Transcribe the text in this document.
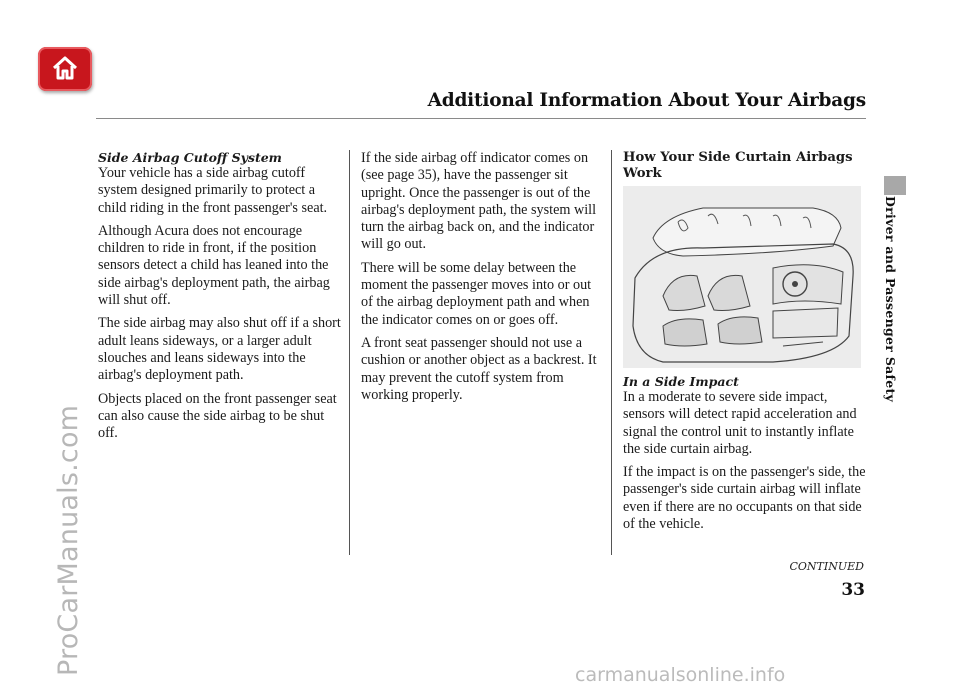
Additional Information About Your Airbags
Driver and Passenger Safety
Side Airbag Cutoff System

Your vehicle has a side airbag cutoff system designed primarily to protect a child riding in the front passenger's seat.

Although Acura does not encourage children to ride in front, if the position sensors detect a child has leaned into the side airbag's deployment path, the airbag will shut off.

The side airbag may also shut off if a short adult leans sideways, or a larger adult slouches and leans sideways into the airbag's deployment path.

Objects placed on the front passenger seat can also cause the side airbag to be shut off.

If the side airbag off indicator comes on (see page 35), have the passenger sit upright. Once the passenger is out of the airbag's deployment path, the system will turn the airbag back on, and the indicator will go out.

There will be some delay between the moment the passenger moves into or out of the airbag deployment path and when the indicator comes on or goes off.

A front seat passenger should not use a cushion or another object as a backrest. It may prevent the cutoff system from working properly.

How Your Side Curtain Airbags Work
In a Side Impact

In a moderate to severe side impact, sensors will detect rapid acceleration and signal the control unit to instantly inflate the side curtain airbag.

If the impact is on the passenger's side, the passenger's side curtain airbag will inflate even if there are no occupants on that side of the vehicle.

CONTINUED
33
ProCarManuals.com	carmanualsonline.info
